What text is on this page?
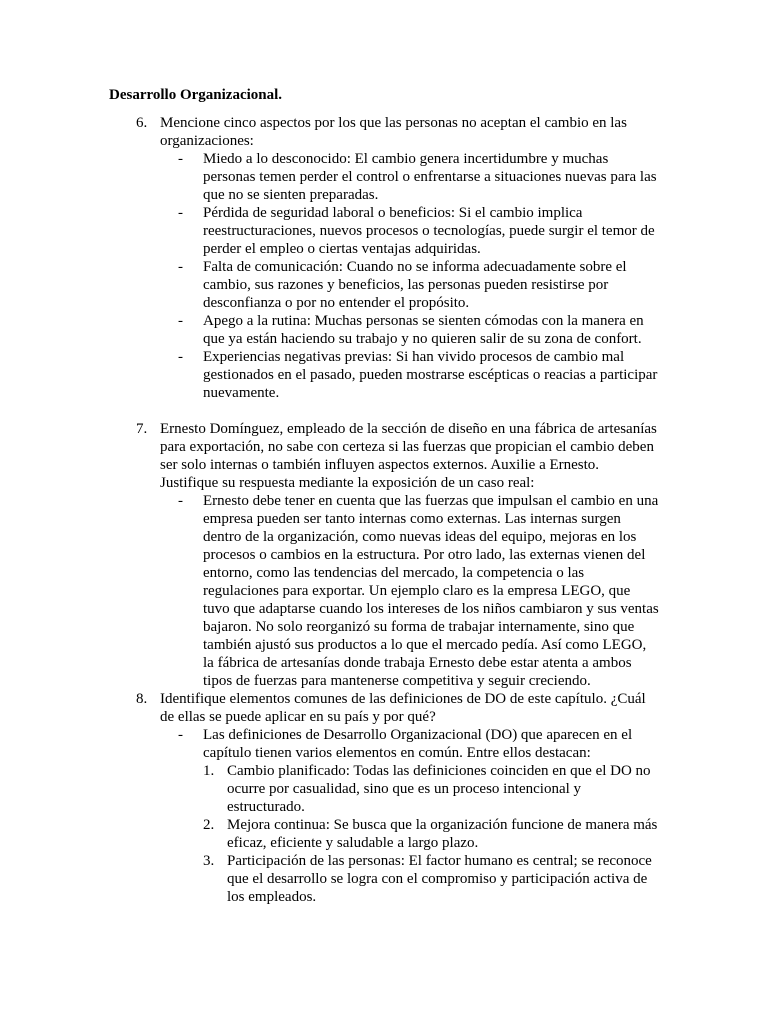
Desarrollo Organizacional.

6. Mencione cinco aspectos por los que las personas no aceptan el cambio en las organizaciones:
- Miedo a lo desconocido: El cambio genera incertidumbre y muchas personas temen perder el control o enfrentarse a situaciones nuevas para las que no se sienten preparadas.
- Pérdida de seguridad laboral o beneficios: Si el cambio implica reestructuraciones, nuevos procesos o tecnologías, puede surgir el temor de perder el empleo o ciertas ventajas adquiridas.
- Falta de comunicación: Cuando no se informa adecuadamente sobre el cambio, sus razones y beneficios, las personas pueden resistirse por desconfianza o por no entender el propósito.
- Apego a la rutina: Muchas personas se sienten cómodas con la manera en que ya están haciendo su trabajo y no quieren salir de su zona de confort.
- Experiencias negativas previas: Si han vivido procesos de cambio mal gestionados en el pasado, pueden mostrarse escépticas o reacias a participar nuevamente.
7. Ernesto Domínguez, empleado de la sección de diseño en una fábrica de artesanías para exportación, no sabe con certeza si las fuerzas que propician el cambio deben ser solo internas o también influyen aspectos externos. Auxilie a Ernesto. Justifique su respuesta mediante la exposición de un caso real:
- Ernesto debe tener en cuenta que las fuerzas que impulsan el cambio en una empresa pueden ser tanto internas como externas. Las internas surgen dentro de la organización, como nuevas ideas del equipo, mejoras en los procesos o cambios en la estructura. Por otro lado, las externas vienen del entorno, como las tendencias del mercado, la competencia o las regulaciones para exportar. Un ejemplo claro es la empresa LEGO, que tuvo que adaptarse cuando los intereses de los niños cambiaron y sus ventas bajaron. No solo reorganizó su forma de trabajar internamente, sino que también ajustó sus productos a lo que el mercado pedía. Así como LEGO, la fábrica de artesanías donde trabaja Ernesto debe estar atenta a ambos tipos de fuerzas para mantenerse competitiva y seguir creciendo.
8. Identifique elementos comunes de las definiciones de DO de este capítulo. ¿Cuál de ellas se puede aplicar en su país y por qué?
- Las definiciones de Desarrollo Organizacional (DO) que aparecen en el capítulo tienen varios elementos en común. Entre ellos destacan:
1. Cambio planificado: Todas las definiciones coinciden en que el DO no ocurre por casualidad, sino que es un proceso intencional y estructurado.
2. Mejora continua: Se busca que la organización funcione de manera más eficaz, eficiente y saludable a largo plazo.
3. Participación de las personas: El factor humano es central; se reconoce que el desarrollo se logra con el compromiso y participación activa de los empleados.
